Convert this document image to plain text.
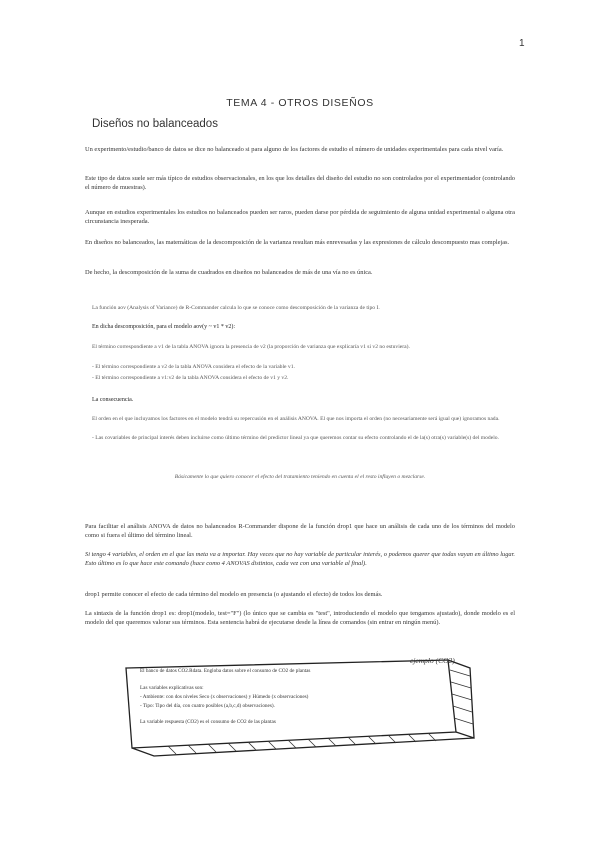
1
TEMA 4 - OTROS DISEÑOS
Diseños no balanceados
Un experimento/estudio/banco de datos se dice no balanceado si para alguno de los factores de estudio el número de unidades experimentales para cada nivel varía.
Este tipo de datos suele ser más típico de estudios observacionales, en los que los detalles del diseño del estudio no son controlados por el experimentador (controlando el número de muestras).
Aunque en estudios experimentales los estudios no balanceados pueden ser raros, pueden darse por pérdida de seguimiento de alguna unidad experimental o alguna otra circunstancia inesperada.
En diseños no balanceados, las matemáticas de la descomposición de la varianza resultan más enrevesadas y las expresiones de cálculo descompuesto mas complejas.
De hecho, la descomposición de la suma de cuadrados en diseños no balanceados de más de una vía no es única.
La función aov (Analysis of Variance) de R-Commander calcula lo que se conoce como descomposición de la varianza de tipo I.
En dicha descomposición, para el modelo aov(y ~ v1 * v2):
El término correspondiente a v1 de la tabla ANOVA ignora la presencia de v2 (la proporción de varianza que explicaría v1 si v2 no estuviera).
- El término correspondiente a v2 de la tabla ANOVA considera el efecto de la variable v1.
- El término correspondiente a v1:v2 de la tabla ANOVA considera el efecto de v1 y v2.
La consecuencia.
El orden en el que incluyamos los factores en el modelo tendrá su repercusión en el análisis ANOVA. El que nos importa el orden (no necesariamente será igual que) ignoramos nada.
- Las covariables de principal interés deben incluirse como último término del predictor lineal ya que queremos contar su efecto controlando el de la(s) otra(s) variable(s) del modelo.
Básicamente lo que quiero conocer el efecto del tratamiento teniendo en cuenta el el resto influyen o mezclarse.
Para facilitar el análisis ANOVA de datos no balanceados R-Commander dispone de la función drop1 que hace un análisis de cada uno de los términos del modelo como si fuera el último del término lineal.
Si tengo 4 variables, el orden en el que las meta va a importar. Hay veces que no hay variable de particular interés, o podemos querer que todas vayan en último lugar. Esto último es lo que hace este comando (hace como 4 ANOVAS distintos, cada vez con una variable al final).
drop1 permite conocer el efecto de cada término del modelo en presencia (o ajustando el efecto) de todos los demás.
La sintaxis de la función drop1 es: drop1(modelo, test="F") (lo único que se cambia es "test", introduciendo el modelo que tengamos ajustado), donde modelo es el modelo del que queremos valorar sus términos. Esta sentencia habrá de ejecutarse desde la línea de comandos (sin entrar en ningún menú).
ejemplo (CO2)
El banco de datos CO2.Rdata. Engloba datos sobre el consumo de CO2 de plantas
Las variables explicativas son:
- Ambiente: con dos niveles Seco (x observaciones) y Húmedo (x observaciones)
- Tipo: Tipo del día, con cuatro posibles (a,b,c,d) observaciones).
La variable respuesta (CO2) es el consumo de CO2 de las plantas
